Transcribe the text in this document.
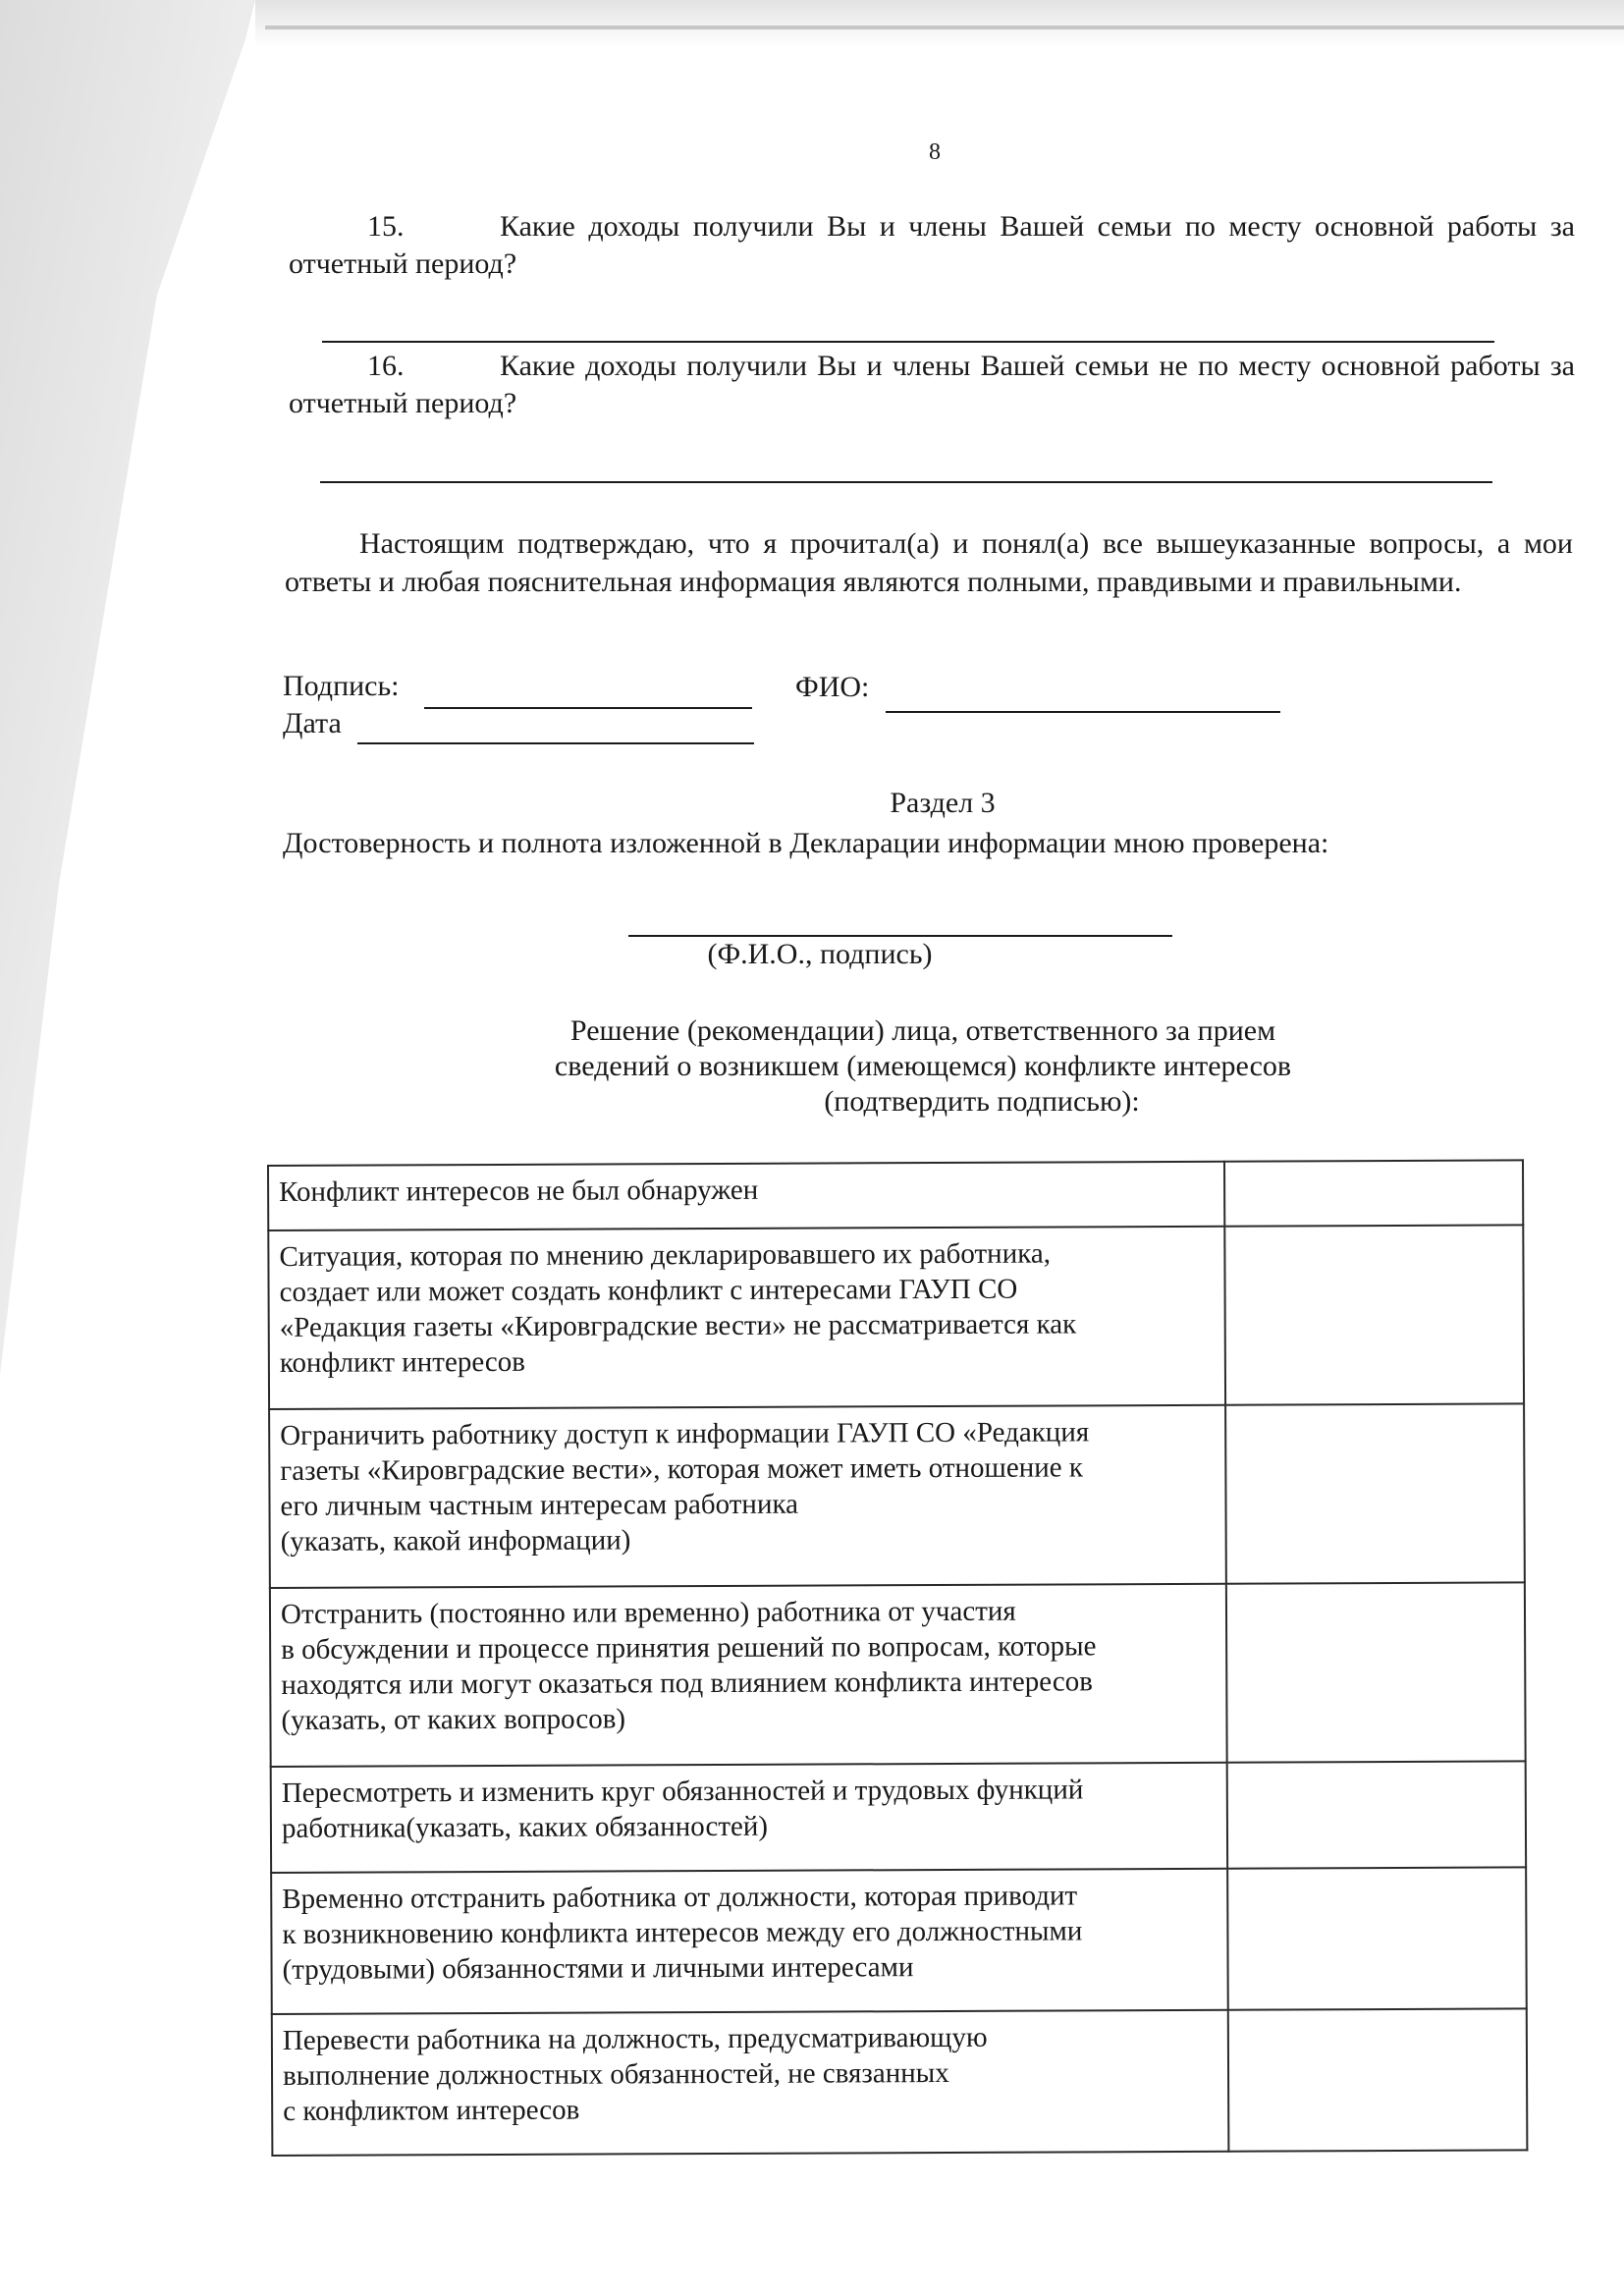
8
15.	Какие доходы получили Вы и члены Вашей семьи по месту основной работы за отчетный период?
16.	Какие доходы получили Вы и члены Вашей семьи не по месту основной работы за отчетный период?
Настоящим подтверждаю, что я прочитал(а) и понял(а) все вышеуказанные вопросы, а мои ответы и любая пояснительная информация являются полными, правдивыми и правильными.
Подпись:	ФИО:
Дата
Раздел 3
Достоверность и полнота изложенной в Декларации информации мною проверена:
(Ф.И.О., подпись)
Решение (рекомендации) лица, ответственного за прием
сведений о возникшем (имеющемся) конфликте интересов
(подтвердить подписью):
Конфликт интересов не был обнаружен	

Ситуация, которая по мнению декларировавшего их работника,
создает или может создать конфликт с интересами ГАУП СО
«Редакция газеты «Кировградские вести» не рассматривается как
конфликт интересов	

Ограничить работнику доступ к информации ГАУП СО «Редакция
газеты «Кировградские вести», которая может иметь отношение к
его личным частным интересам работника
(указать, какой информации)	

Отстранить (постоянно или временно) работника от участия
в обсуждении и процессе принятия решений по вопросам, которые
находятся или могут оказаться под влиянием конфликта интересов
(указать, от каких вопросов)	

Пересмотреть и изменить круг обязанностей и трудовых функций
работника(указать, каких обязанностей)	

Временно отстранить работника от должности, которая приводит
к возникновению конфликта интересов между его должностными
(трудовыми) обязанностями и личными интересами	

Перевести работника на должность, предусматривающую
выполнение должностных обязанностей, не связанных
с конфликтом интересов	
